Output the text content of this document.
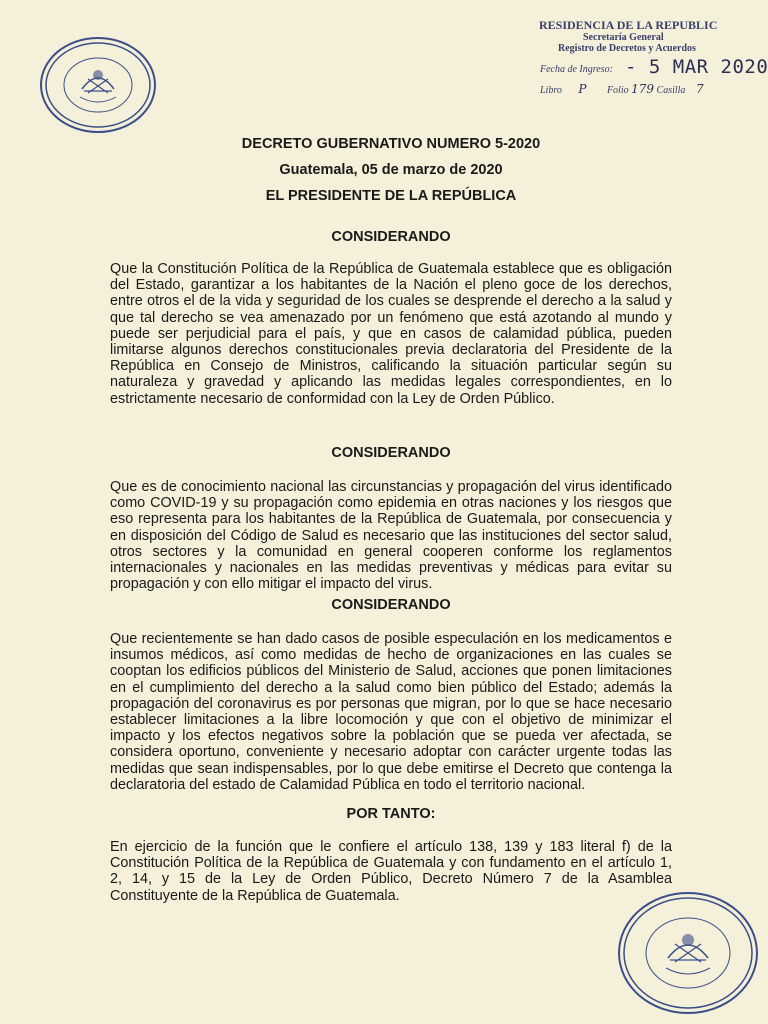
RESIDENCIA DE LA REPUBLIC
Secretaría General
Registro de Decretos y Acuerdos
Fecha de Ingreso: - 5 MAR 2020
Libro P Folio 179 Casilla 7

DECRETO GUBERNATIVO NUMERO 5-2020

Guatemala, 05 de marzo de 2020

EL PRESIDENTE DE LA REPÚBLICA

CONSIDERANDO

Que la Constitución Política de la República de Guatemala establece que es obligación del Estado, garantizar a los habitantes de la Nación el pleno goce de los derechos, entre otros el de la vida y seguridad de los cuales se desprende el derecho a la salud y que tal derecho se vea amenazado por un fenómeno que está azotando al mundo y puede ser perjudicial para el país, y que en casos de calamidad pública, pueden limitarse algunos derechos constitucionales previa declaratoria del Presidente de la República en Consejo de Ministros, calificando la situación particular según su naturaleza y gravedad y aplicando las medidas legales correspondientes, en lo estrictamente necesario de conformidad con la Ley de Orden Público.

CONSIDERANDO

Que es de conocimiento nacional las circunstancias y propagación del virus identificado como COVID-19 y su propagación como epidemia en otras naciones y los riesgos que eso representa para los habitantes de la República de Guatemala, por consecuencia y en disposición del Código de Salud es necesario que las instituciones del sector salud, otros sectores y la comunidad en general cooperen conforme los reglamentos internacionales y nacionales en las medidas preventivas y médicas para evitar su propagación y con ello mitigar el impacto del virus.

CONSIDERANDO

Que recientemente se han dado casos de posible especulación en los medicamentos e insumos médicos, así como medidas de hecho de organizaciones en las cuales se cooptan los edificios públicos del Ministerio de Salud, acciones que ponen limitaciones en el cumplimiento del derecho a la salud como bien público del Estado; además la propagación del coronavirus es por personas que migran, por lo que se hace necesario establecer limitaciones a la libre locomoción y que con el objetivo de minimizar el impacto y los efectos negativos sobre la población que se pueda ver afectada, se considera oportuno, conveniente y necesario adoptar con carácter urgente todas las medidas que sean indispensables, por lo que debe emitirse el Decreto que contenga la declaratoria del estado de Calamidad Pública en todo el territorio nacional.

POR TANTO:

En ejercicio de la función que le confiere el artículo 138, 139 y 183 literal f) de la Constitución Política de la República de Guatemala y con fundamento en el artículo 1, 2, 14, y 15 de la Ley de Orden Público, Decreto Número 7 de la Asamblea Constituyente de la República de Guatemala.
